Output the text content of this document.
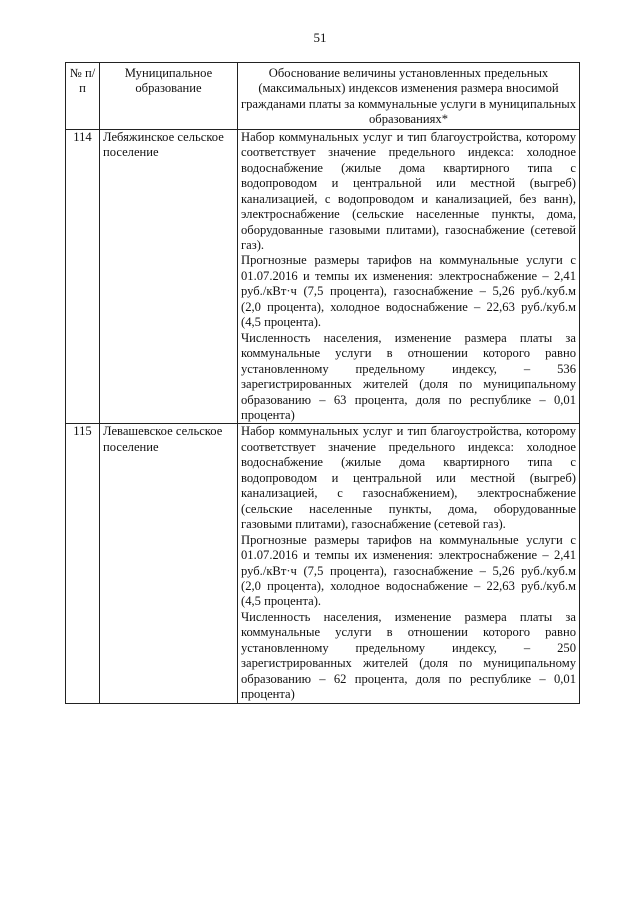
51
№ п/п	Муниципальное образование	Обоснование величины установленных предельных (максимальных) индексов изменения размера вносимой гражданами платы за коммунальные услуги в муниципальных образованиях*
114	Лебяжинское сельское поселение	Набор коммунальных услуг и тип благоустройства, которому соответствует значение предельного индекса: холодное водоснабжение (жилые дома квартирного типа с водопроводом и центральной или местной (выгреб) канализацией, с водопроводом и канализацией, без ванн), электроснабжение (сельские населенные пункты, дома, оборудованные газовыми плитами), газоснабжение (сетевой газ).

Прогнозные размеры тарифов на коммунальные услуги с 01.07.2016 и темпы их изменения: электроснабжение – 2,41 руб./кВт·ч (7,5 процента), газоснабжение – 5,26 руб./куб.м (2,0 процента), холодное водоснабжение – 22,63 руб./куб.м (4,5 процента).

Численность населения, изменение размера платы за коммунальные услуги в отношении которого равно установленному предельному индексу, – 536 зарегистрированных жителей (доля по муниципальному образованию – 63 процента, доля по республике – 0,01 процента)

115	Левашевское сельское поселение	Набор коммунальных услуг и тип благоустройства, которому соответствует значение предельного индекса: холодное водоснабжение (жилые дома квартирного типа с водопроводом и центральной или местной (выгреб) канализацией, с газоснабжением), электроснабжение (сельские населенные пункты, дома, оборудованные газовыми плитами), газоснабжение (сетевой газ).

Прогнозные размеры тарифов на коммунальные услуги с 01.07.2016 и темпы их изменения: электроснабжение – 2,41 руб./кВт·ч (7,5 процента), газоснабжение – 5,26 руб./куб.м (2,0 процента), холодное водоснабжение – 22,63 руб./куб.м (4,5 процента).

Численность населения, изменение размера платы за коммунальные услуги в отношении которого равно установленному предельному индексу, – 250 зарегистрированных жителей (доля по муниципальному образованию – 62 процента, доля по республике – 0,01 процента)
